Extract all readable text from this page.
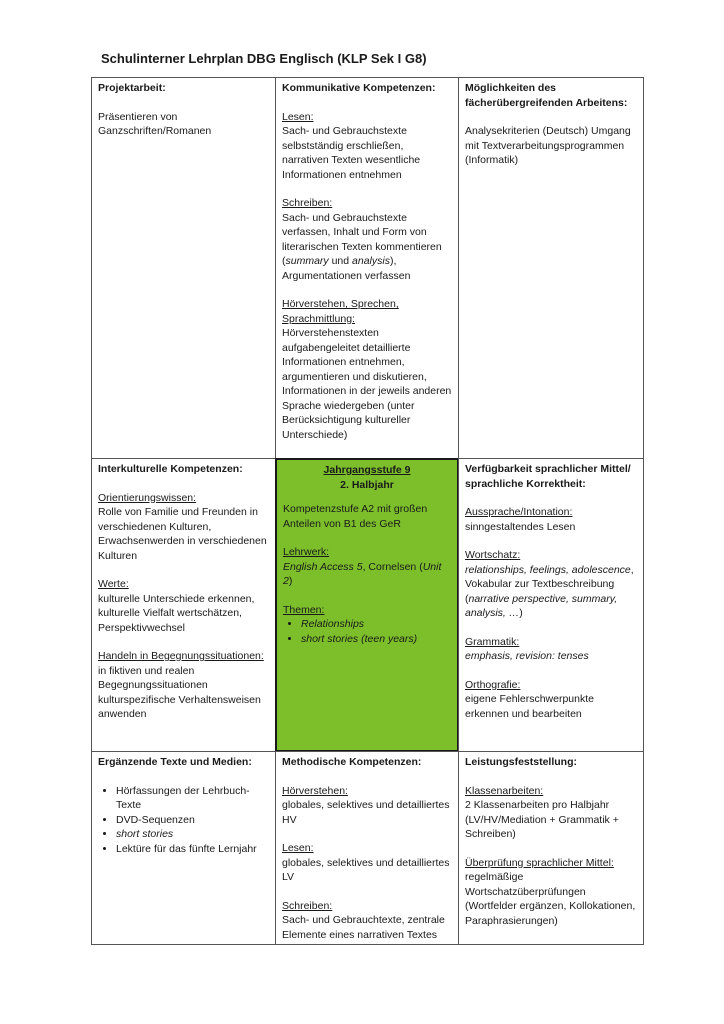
Schulinterner Lehrplan DBG Englisch (KLP Sek I G8)
Projektarbeit:
Präsentieren von Ganzschriften/Romanen
Kommunikative Kompetenzen:
Lesen:
Sach- und Gebrauchstexte selbstständig erschließen, narrativen Texten wesentliche Informationen entnehmen
Schreiben:
Sach- und Gebrauchstexte verfassen, Inhalt und Form von literarischen Texten kommentieren (summary und analysis), Argumentationen verfassen
Hörverstehen, Sprechen, Sprachmittlung:
Hörverstehenstexten aufgabengeleitet detaillierte Informationen entnehmen, argumentieren und diskutieren, Informationen in der jeweils anderen Sprache wiedergeben (unter Berücksichtigung kultureller Unterschiede)
Möglichkeiten des fächerübergreifenden Arbeitens:
Analysekriterien (Deutsch) Umgang mit Textverarbeitungsprogrammen (Informatik)
Interkulturelle Kompetenzen:
Orientierungswissen:
Rolle von Familie und Freunden in verschiedenen Kulturen, Erwachsenwerden in verschiedenen Kulturen
Werte:
kulturelle Unterschiede erkennen, kulturelle Vielfalt wertschätzen, Perspektivwechsel
Handeln in Begegnungssituationen:
in fiktiven und realen Begegnungssituationen kulturspezifische Verhaltensweisen anwenden
Jahrgangsstufe 9
2. Halbjahr
Kompetenzstufe A2 mit großen Anteilen von B1 des GeR
Lehrwerk:
English Access 5, Cornelsen (Unit 2)
Themen:
• Relationships
• short stories (teen years)
Verfügbarkeit sprachlicher Mittel/ sprachliche Korrektheit:
Aussprache/Intonation:
sinngestaltendes Lesen
Wortschatz:
relationships, feelings, adolescence, Vokabular zur Textbeschreibung (narrative perspective, summary, analysis, …)
Grammatik:
emphasis, revision: tenses
Orthografie:
eigene Fehlerschwerpunkte erkennen und bearbeiten
Ergänzende Texte und Medien:
• Hörfassungen der Lehrbuch-Texte
• DVD-Sequenzen
• short stories
• Lektüre für das fünfte Lernjahr
Methodische Kompetenzen:
Hörverstehen:
globales, selektives und detailliertes HV
Lesen:
globales, selektives und detailliertes LV
Schreiben:
Sach- und Gebrauchtexte, zentrale Elemente eines narrativen Textes
Leistungsfeststellung:
Klassenarbeiten:
2 Klassenarbeiten pro Halbjahr (LV/HV/Mediation + Grammatik + Schreiben)
Überprüfung sprachlicher Mittel:
regelmäßige Wortschatzüberprüfungen (Wortfelder ergänzen, Kollokationen, Paraphrasierungen)
